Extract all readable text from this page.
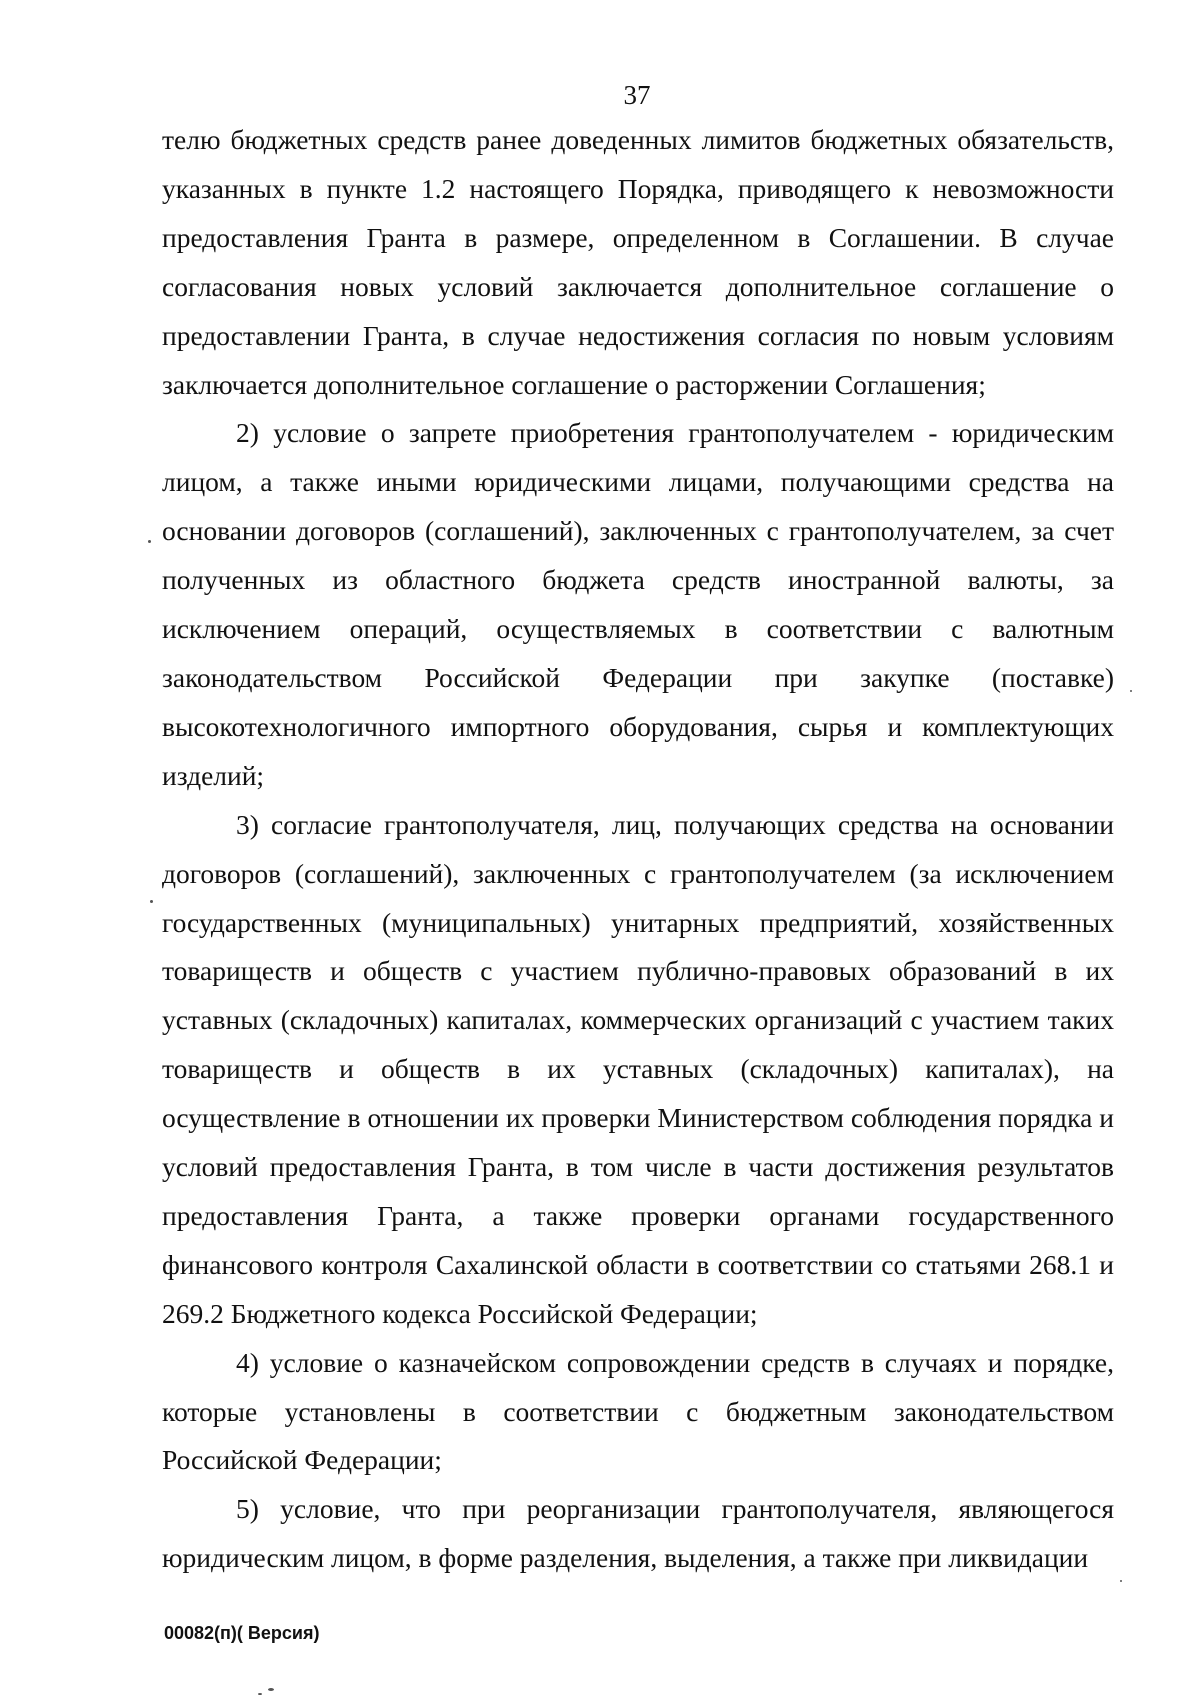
37

телю бюджетных средств ранее доведенных лимитов бюджетных обязательств, указанных в пункте 1.2 настоящего Порядка, приводящего к невозможности предоставления Гранта в размере, определенном в Соглашении. В случае согласования новых условий заключается дополнительное соглашение о предоставлении Гранта, в случае недостижения согласия по новым условиям заключается дополнительное соглашение о расторжении Соглашения;

2) условие о запрете приобретения грантополучателем - юридическим лицом, а также иными юридическими лицами, получающими средства на основании договоров (соглашений), заключенных с грантополучателем, за счет полученных из областного бюджета средств иностранной валюты, за исключением операций, осуществляемых в соответствии с валютным законодательством Российской Федерации при закупке (поставке) высокотехнологичного импортного оборудования, сырья и комплектующих изделий;

3) согласие грантополучателя, лиц, получающих средства на основании договоров (соглашений), заключенных с грантополучателем (за исключением государственных (муниципальных) унитарных предприятий, хозяйственных товариществ и обществ с участием публично-правовых образований в их уставных (складочных) капиталах, коммерческих организаций с участием таких товариществ и обществ в их уставных (складочных) капиталах), на осуществление в отношении их проверки Министерством соблюдения порядка и условий предоставления Гранта, в том числе в части достижения результатов предоставления Гранта, а также проверки органами государственного финансового контроля Сахалинской области в соответствии со статьями 268.1 и 269.2 Бюджетного кодекса Российской Федерации;

4) условие о казначейском сопровождении средств в случаях и порядке, которые установлены в соответствии с бюджетным законодательством Российской Федерации;

5) условие, что при реорганизации грантополучателя, являющегося юридическим лицом, в форме разделения, выделения, а также при ликвидации

00082(п)( Версия)
